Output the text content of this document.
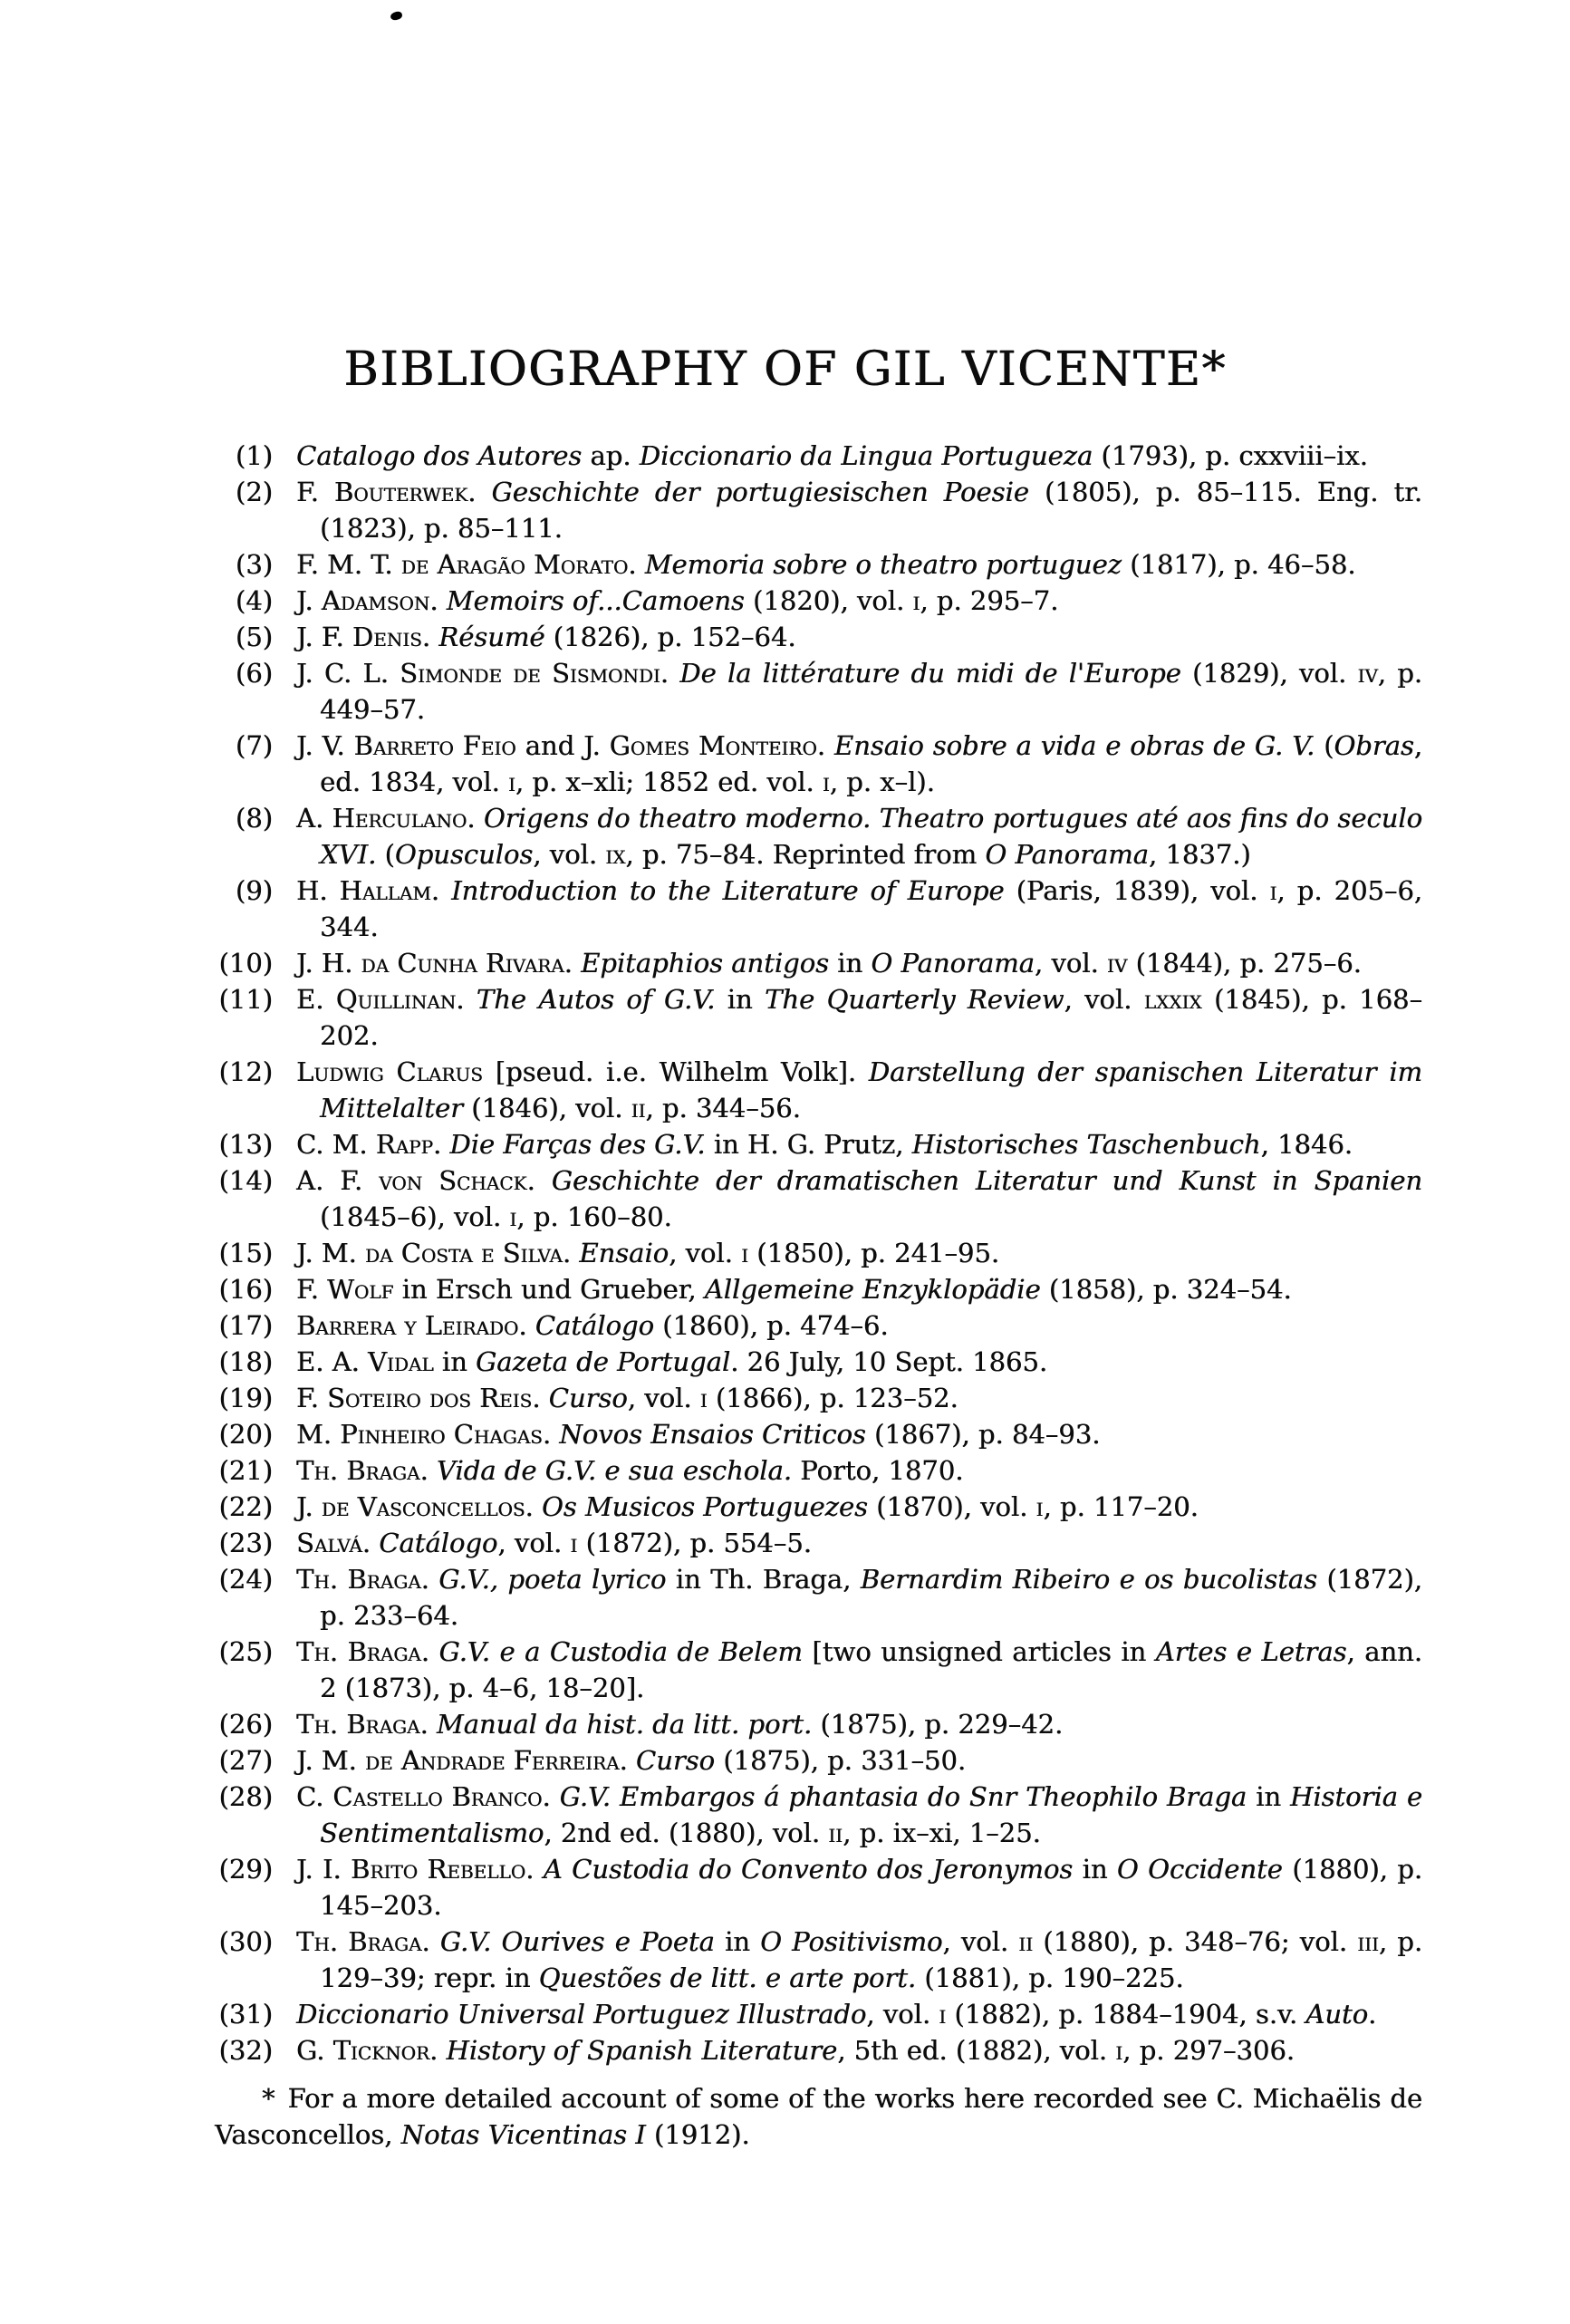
BIBLIOGRAPHY OF GIL VICENTE*
(1) Catalogo dos Autores ap. Diccionario da Lingua Portugueza (1793), p. cxxviii–ix.
(2) F. Bouterwek. Geschichte der portugiesischen Poesie (1805), p. 85–115. Eng. tr. (1823), p. 85–111.
(3) F. M. T. de Aragão Morato. Memoria sobre o theatro portuguez (1817), p. 46–58.
(4) J. Adamson. Memoirs of...Camoens (1820), vol. i, p. 295–7.
(5) J. F. Denis. Résumé (1826), p. 152–64.
(6) J. C. L. Simonde de Sismondi. De la littérature du midi de l'Europe (1829), vol. iv, p. 449–57.
(7) J. V. Barreto Feio and J. Gomes Monteiro. Ensaio sobre a vida e obras de G. V. (Obras, ed. 1834, vol. i, p. x–xli; 1852 ed. vol. i, p. x–l).
(8) A. Herculano. Origens do theatro moderno. Theatro portugues até aos fins do seculo XVI. (Opusculos, vol. ix, p. 75–84. Reprinted from O Panorama, 1837.)
(9) H. Hallam. Introduction to the Literature of Europe (Paris, 1839), vol. i, p. 205–6, 344.
(10) J. H. da Cunha Rivara. Epitaphios antigos in O Panorama, vol. iv (1844), p. 275–6.
(11) E. Quillinan. The Autos of G.V. in The Quarterly Review, vol. lxxix (1845), p. 168–202.
(12) Ludwig Clarus [pseud. i.e. Wilhelm Volk]. Darstellung der spanischen Literatur im Mittelalter (1846), vol. ii, p. 344–56.
(13) C. M. Rapp. Die Farças des G.V. in H. G. Prutz, Historisches Taschenbuch, 1846.
(14) A. F. von Schack. Geschichte der dramatischen Literatur und Kunst in Spanien (1845–6), vol. i, p. 160–80.
(15) J. M. da Costa e Silva. Ensaio, vol. i (1850), p. 241–95.
(16) F. Wolf in Ersch und Grueber, Allgemeine Enzyklopädie (1858), p. 324–54.
(17) Barrera y Leirado. Catálogo (1860), p. 474–6.
(18) E. A. Vidal in Gazeta de Portugal. 26 July, 10 Sept. 1865.
(19) F. Soteiro dos Reis. Curso, vol. i (1866), p. 123–52.
(20) M. Pinheiro Chagas. Novos Ensaios Criticos (1867), p. 84–93.
(21) Th. Braga. Vida de G.V. e sua eschola. Porto, 1870.
(22) J. de Vasconcellos. Os Musicos Portuguezes (1870), vol. i, p. 117–20.
(23) Salvá. Catálogo, vol. i (1872), p. 554–5.
(24) Th. Braga. G.V., poeta lyrico in Th. Braga, Bernardim Ribeiro e os bucolistas (1872), p. 233–64.
(25) Th. Braga. G.V. e a Custodia de Belem [two unsigned articles in Artes e Letras, ann. 2 (1873), p. 4–6, 18–20].
(26) Th. Braga. Manual da hist. da litt. port. (1875), p. 229–42.
(27) J. M. de Andrade Ferreira. Curso (1875), p. 331–50.
(28) C. Castello Branco. G.V. Embargos á phantasia do Snr Theophilo Braga in Historia e Sentimentalismo, 2nd ed. (1880), vol. ii, p. ix–xi, 1–25.
(29) J. I. Brito Rebello. A Custodia do Convento dos Jeronymos in O Occidente (1880), p. 145–203.
(30) Th. Braga. G.V. Ourives e Poeta in O Positivismo, vol. ii (1880), p. 348–76; vol. iii, p. 129–39; repr. in Questões de litt. e arte port. (1881), p. 190–225.
(31) Diccionario Universal Portuguez Illustrado, vol. i (1882), p. 1884–1904, s.v. Auto.
(32) G. Ticknor. History of Spanish Literature, 5th ed. (1882), vol. i, p. 297–306.

* For a more detailed account of some of the works here recorded see C. Michaëlis de Vasconcellos, Notas Vicentinas I (1912).
